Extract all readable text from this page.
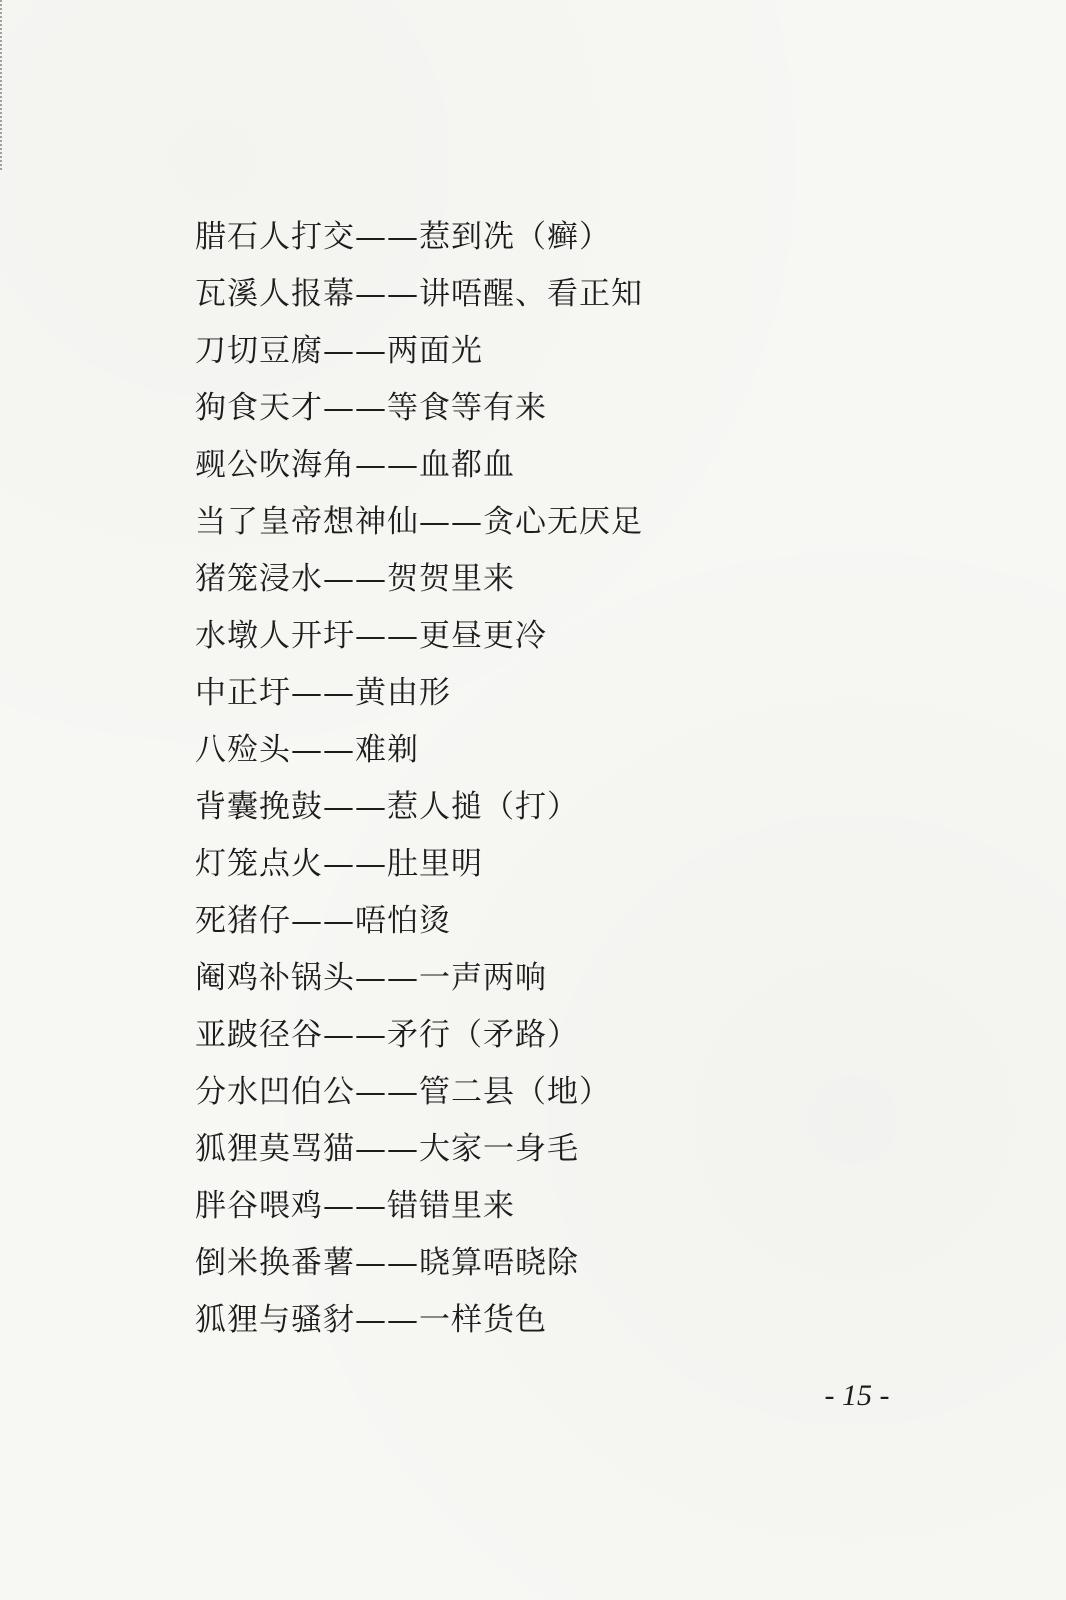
腊石人打交——惹到冼（癣）
瓦溪人报幕——讲唔醒、看正知
刀切豆腐——两面光
狗食天才——等食等有来
觋公吹海角——血都血
当了皇帝想神仙——贪心无厌足
猪笼浸水——贺贺里来
水墩人开圩——更昼更冷
中正圩——黄由形
八殓头——难剃
背囊挽鼓——惹人搥（打）
灯笼点火——肚里明
死猪仔——唔怕烫
阉鸡补锅头——一声两响
亚跛径谷——矛行（矛路）
分水凹伯公——管二县（地）
狐狸莫骂猫——大家一身毛
胖谷喂鸡——错错里来
倒米换番薯——晓算唔晓除
狐狸与骚豺——一样货色
- 15 -
